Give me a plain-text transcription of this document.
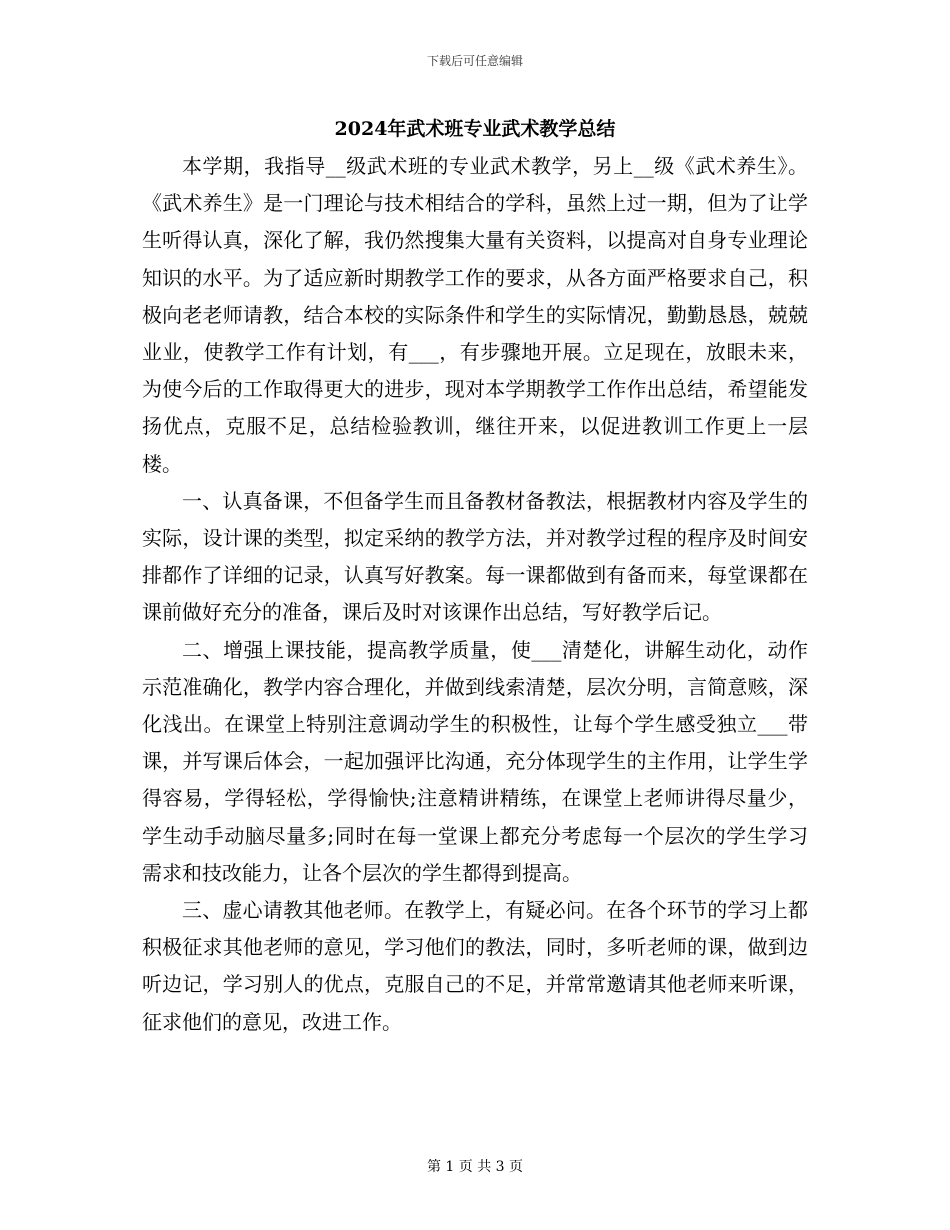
下载后可任意编辑
2024年武术班专业武术教学总结

本学期，我指导__级武术班的专业武术教学，另上__级《武术养生》。《武术养生》是一门理论与技术相结合的学科，虽然上过一期，但为了让学生听得认真，深化了解，我仍然搜集大量有关资料，以提高对自身专业理论知识的水平。为了适应新时期教学工作的要求，从各方面严格要求自己，积极向老老师请教，结合本校的实际条件和学生的实际情况，勤勤恳恳，兢兢业业，使教学工作有计划，有___，有步骤地开展。立足现在，放眼未来，为使今后的工作取得更大的进步，现对本学期教学工作作出总结，希望能发扬优点，克服不足，总结检验教训，继往开来，以促进教训工作更上一层楼。

一、认真备课，不但备学生而且备教材备教法，根据教材内容及学生的实际，设计课的类型，拟定采纳的教学方法，并对教学过程的程序及时间安排都作了详细的记录，认真写好教案。每一课都做到有备而来，每堂课都在课前做好充分的准备，课后及时对该课作出总结，写好教学后记。

二、增强上课技能，提高教学质量，使___清楚化，讲解生动化，动作示范准确化，教学内容合理化，并做到线索清楚，层次分明，言简意赅，深化浅出。在课堂上特别注意调动学生的积极性，让每个学生感受独立___带课，并写课后体会，一起加强评比沟通，充分体现学生的主作用，让学生学得容易，学得轻松，学得愉快;注意精讲精练，在课堂上老师讲得尽量少，学生动手动脑尽量多;同时在每一堂课上都充分考虑每一个层次的学生学习需求和技改能力，让各个层次的学生都得到提高。

三、虚心请教其他老师。在教学上，有疑必问。在各个环节的学习上都积极征求其他老师的意见，学习他们的教法，同时，多听老师的课，做到边听边记，学习别人的优点，克服自己的不足，并常常邀请其他老师来听课，征求他们的意见，改进工作。

第 1 页 共 3 页
